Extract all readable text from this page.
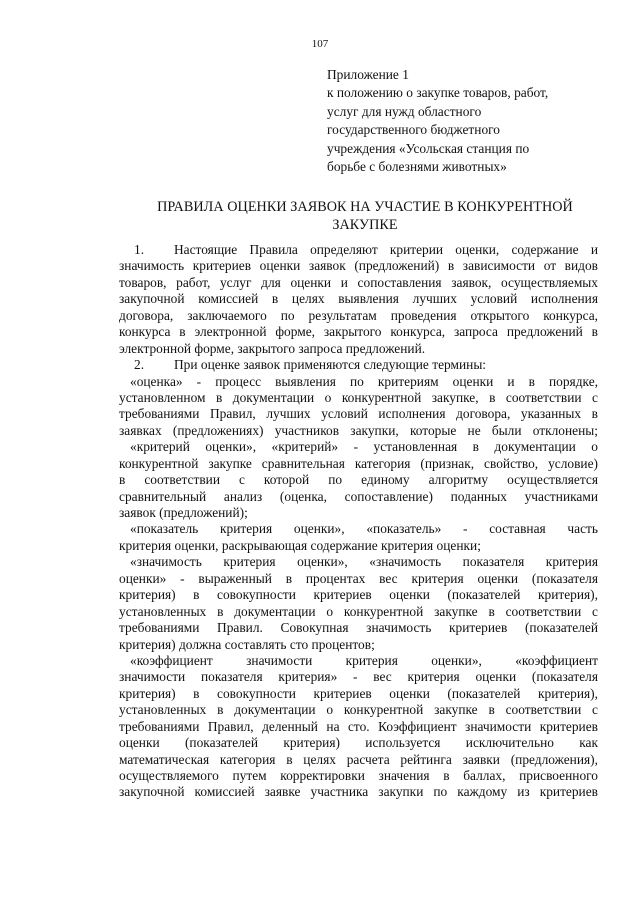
107
Приложение 1
к положению о закупке товаров, работ,
услуг для нужд областного
государственного бюджетного
учреждения «Усольская станция по
борьбе с болезнями животных»
ПРАВИЛА ОЦЕНКИ ЗАЯВОК НА УЧАСТИЕ В КОНКУРЕНТНОЙ
ЗАКУПКЕ
1. Настоящие Правила определяют критерии оценки, содержание и
значимость критериев оценки заявок (предложений) в зависимости от видов
товаров, работ, услуг для оценки и сопоставления заявок, осуществляемых
закупочной комиссией в целях выявления лучших условий исполнения
договора, заключаемого по результатам проведения открытого конкурса,
конкурса в электронной форме, закрытого конкурса, запроса предложений в
электронной форме, закрытого запроса предложений.
2. При оценке заявок применяются следующие термины:
«оценка» - процесс выявления по критериям оценки и в порядке,
установленном в документации о конкурентной закупке, в соответствии с
требованиями Правил, лучших условий исполнения договора, указанных в
заявках (предложениях) участников закупки, которые не были отклонены;
«критерий оценки», «критерий» - установленная в документации о
конкурентной закупке сравнительная категория (признак, свойство, условие)
в соответствии с которой по единому алгоритму осуществляется
сравнительный анализ (оценка, сопоставление) поданных участниками
заявок (предложений);
«показатель критерия оценки», «показатель» - составная часть
критерия оценки, раскрывающая содержание критерия оценки;
«значимость критерия оценки», «значимость показателя критерия
оценки» - выраженный в процентах вес критерия оценки (показателя
критерия) в совокупности критериев оценки (показателей критерия),
установленных в документации о конкурентной закупке в соответствии с
требованиями Правил. Совокупная значимость критериев (показателей
критерия) должна составлять сто процентов;
«коэффициент значимости критерия оценки», «коэффициент
значимости показателя критерия» - вес критерия оценки (показателя
критерия) в совокупности критериев оценки (показателей критерия),
установленных в документации о конкурентной закупке в соответствии с
требованиями Правил, деленный на сто. Коэффициент значимости критериев
оценки (показателей критерия) используется исключительно как
математическая категория в целях расчета рейтинга заявки (предложения),
осуществляемого путем корректировки значения в баллах, присвоенного
закупочной комиссией заявке участника закупки по каждому из критериев
